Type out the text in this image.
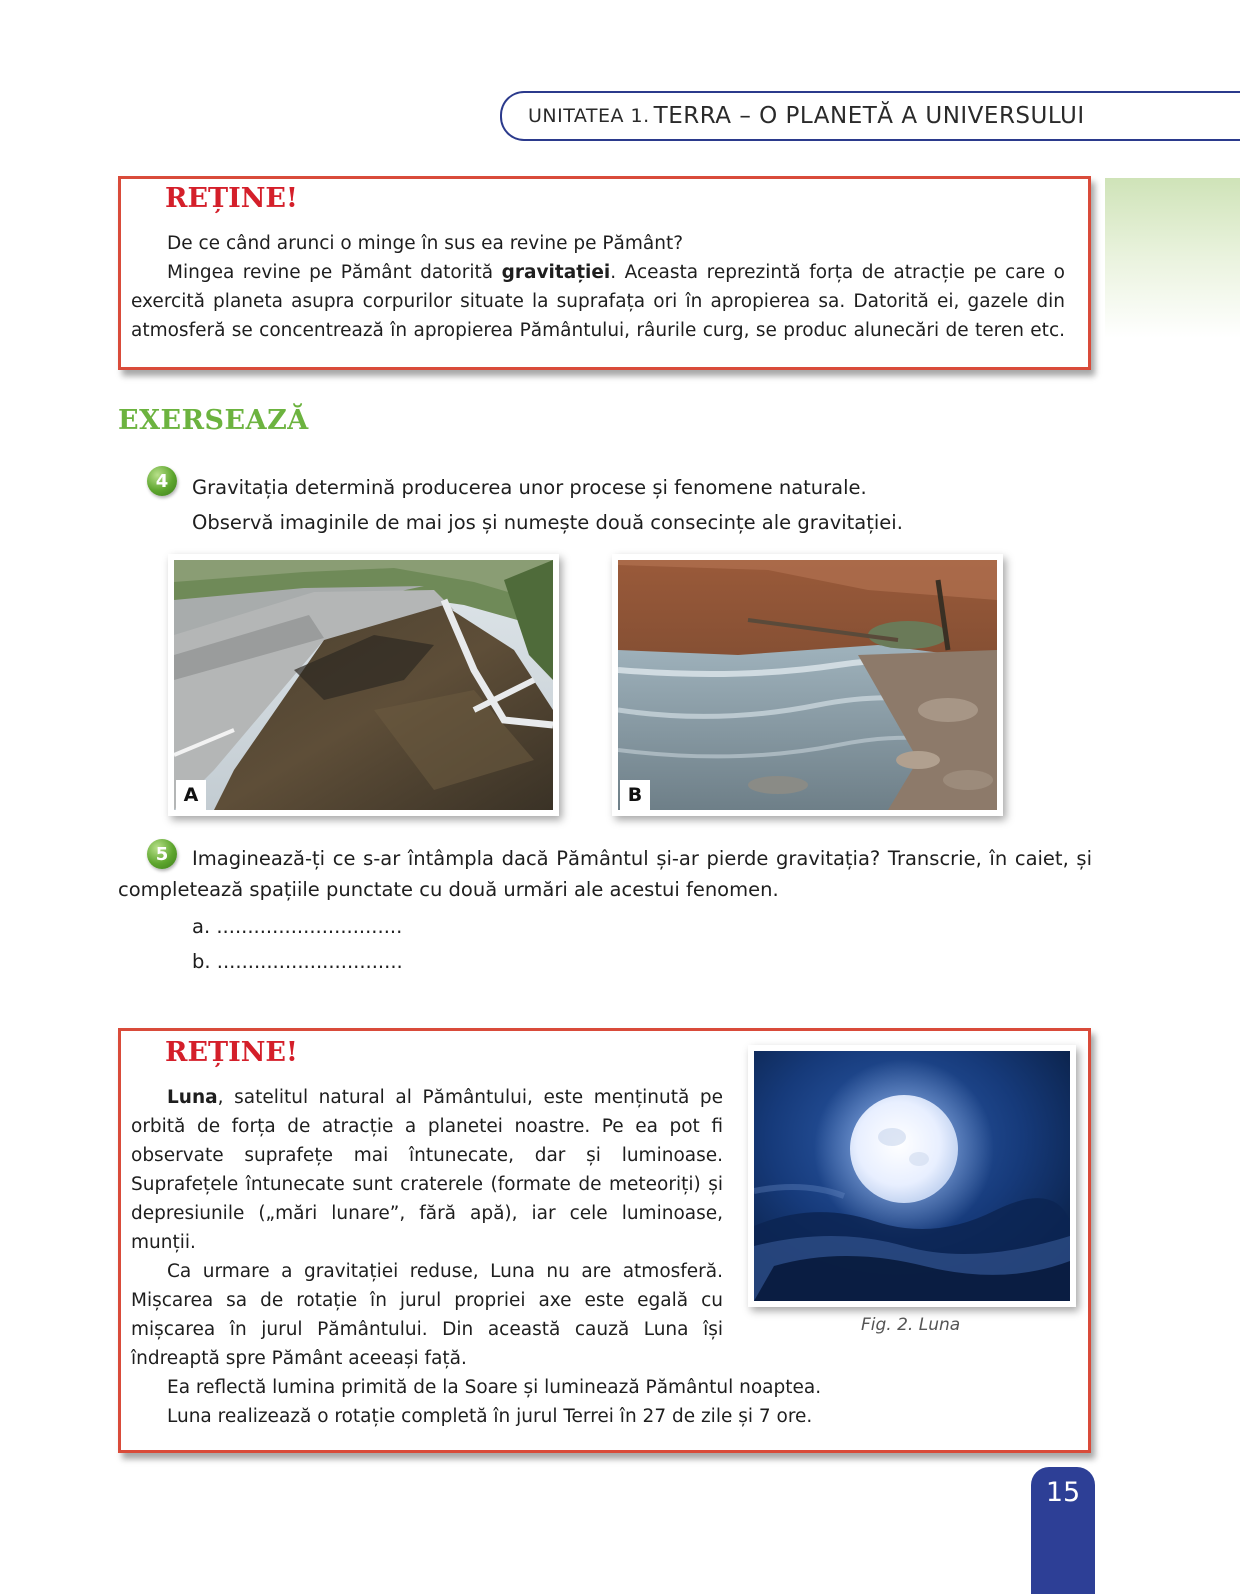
UNITATEA 1. TERRA – O PLANETĂ A UNIVERSULUI
REȚINE!

De ce când arunci o minge în sus ea revine pe Pământ?

Mingea revine pe Pământ datorită gravitației. Aceasta reprezintă forța de atracție pe care o exercită planeta asupra corpurilor situate la suprafața ori în apropierea sa. Datorită ei, gazele din atmosferă se concentrează în apropierea Pământului, râurile curg, se produc alunecări de teren etc.

EXERSEAZĂ
4	Gravitația determină producerea unor procese și fenomene naturale.
Observă imaginile de mai jos și numește două consecințe ale gravitației.
A	B
5	Imaginează-ți ce s-ar întâmpla dacă Pământul și-ar pierde gravitația? Transcrie, în caiet, și completează spațiile punctate cu două urmări ale acestui fenomen.
a. ..............................
b. ..............................
REȚINE!

Luna, satelitul natural al Pământului, este menținută pe orbită de forța de atracție a planetei noastre. Pe ea pot fi observate suprafețe mai întunecate, dar și luminoase. Suprafețele întunecate sunt craterele (formate de meteoriți) și depresiunile („mări lunare”, fără apă), iar cele luminoase, munții.

Ca urmare a gravitației reduse, Luna nu are atmosferă. Mișcarea sa de rotație în jurul propriei axe este egală cu mișcarea în jurul Pământului. Din această cauză Luna își îndreaptă spre Pământ aceeași față.

Ea reflectă lumina primită de la Soare și luminează Pământul noaptea.

Luna realizează o rotație completă în jurul Terrei în 27 de zile și 7 ore.

Fig. 2. Luna
15
